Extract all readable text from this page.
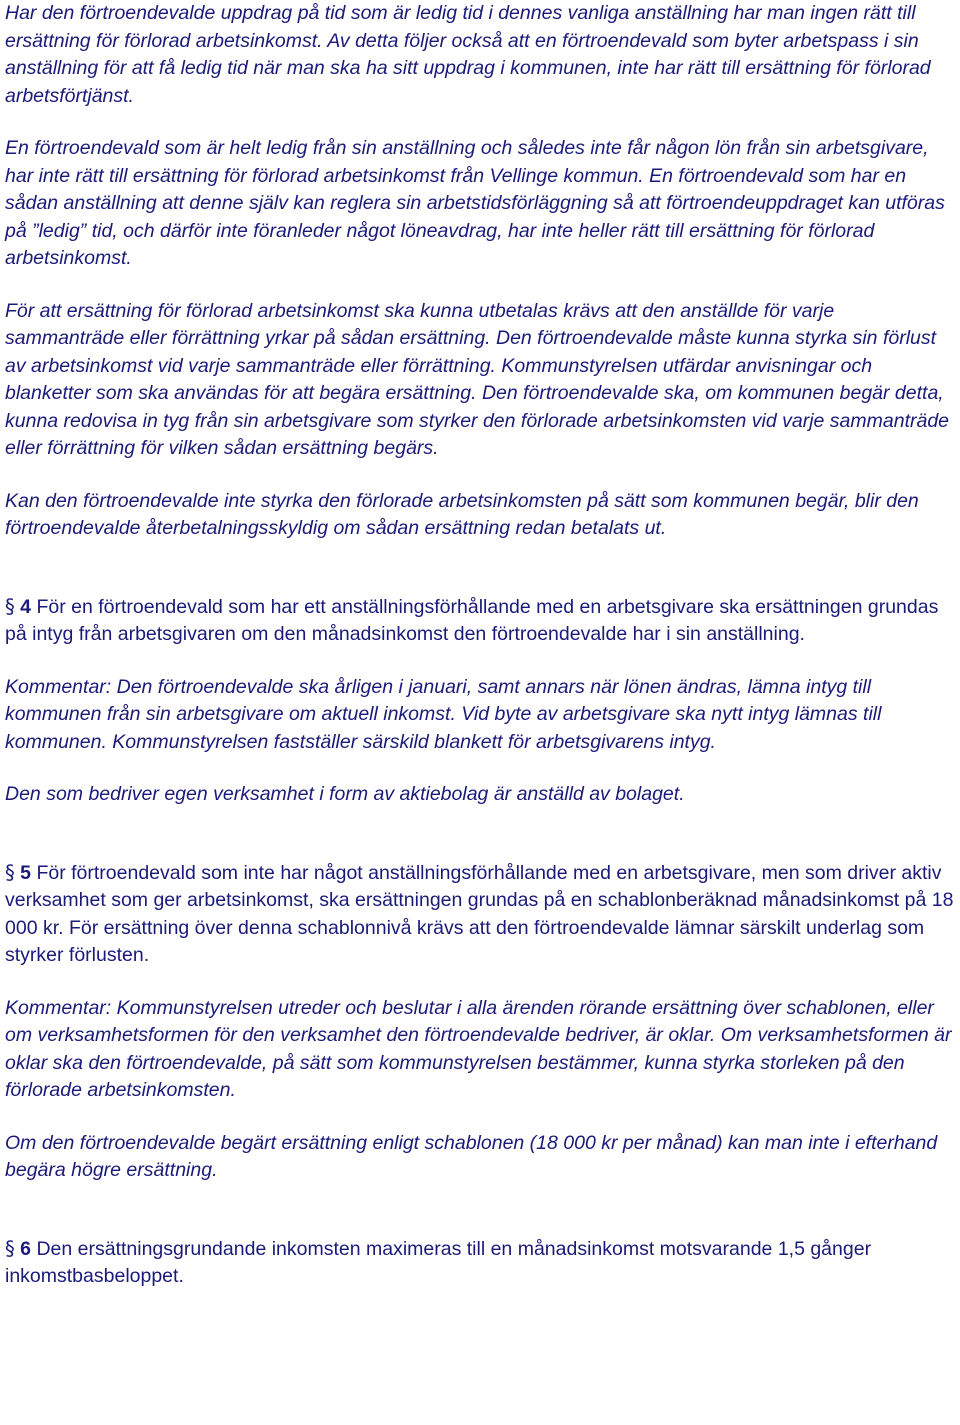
Har den förtroendevalde uppdrag på tid som är ledig tid i dennes vanliga anställning har man ingen rätt till ersättning för förlorad arbetsinkomst. Av detta följer också att en förtroendevald som byter arbetspass i sin anställning för att få ledig tid när man ska ha sitt uppdrag i kommunen, inte har rätt till ersättning för förlorad arbetsförtjänst.

En förtroendevald som är helt ledig från sin anställning och således inte får någon lön från sin arbetsgivare, har inte rätt till ersättning för förlorad arbetsinkomst från Vellinge kommun. En förtroendevald som har en sådan anställning att denne själv kan reglera sin arbetstidsförläggning så att förtroendeuppdraget kan utföras på ”ledig” tid, och därför inte föranleder något löneavdrag, har inte heller rätt till ersättning för förlorad arbetsinkomst.

För att ersättning för förlorad arbetsinkomst ska kunna utbetalas krävs att den anställde för varje sammanträde eller förrättning yrkar på sådan ersättning. Den förtroendevalde måste kunna styrka sin förlust av arbetsinkomst vid varje sammanträde eller förrättning. Kommunstyrelsen utfärdar anvisningar och blanketter som ska användas för att begära ersättning. Den förtroendevalde ska, om kommunen begär detta, kunna redovisa in tyg från sin arbetsgivare som styrker den förlorade arbetsinkomsten vid varje sammanträde eller förrättning för vilken sådan ersättning begärs.

Kan den förtroendevalde inte styrka den förlorade arbetsinkomsten på sätt som kommunen begär, blir den förtroendevalde återbetalningsskyldig om sådan ersättning redan betalats ut.

§ 4 För en förtroendevald som har ett anställningsförhållande med en arbetsgivare ska ersättningen grundas på intyg från arbetsgivaren om den månadsinkomst den förtroendevalde har i sin anställning.

Kommentar: Den förtroendevalde ska årligen i januari, samt annars när lönen ändras, lämna intyg till kommunen från sin arbetsgivare om aktuell inkomst. Vid byte av arbetsgivare ska nytt intyg lämnas till kommunen. Kommunstyrelsen fastställer särskild blankett för arbetsgivarens intyg.

Den som bedriver egen verksamhet i form av aktiebolag är anställd av bolaget.

§ 5 För förtroendevald som inte har något anställningsförhållande med en arbetsgivare, men som driver aktiv verksamhet som ger arbetsinkomst, ska ersättningen grundas på en schablonberäknad månadsinkomst på 18 000 kr. För ersättning över denna schablonnivå krävs att den förtroendevalde lämnar särskilt underlag som styrker förlusten.

Kommentar: Kommunstyrelsen utreder och beslutar i alla ärenden rörande ersättning över schablonen, eller om verksamhetsformen för den verksamhet den förtroendevalde bedriver, är oklar. Om verksamhetsformen är oklar ska den förtroendevalde, på sätt som kommunstyrelsen bestämmer, kunna styrka storleken på den förlorade arbetsinkomsten.

Om den förtroendevalde begärt ersättning enligt schablonen (18 000 kr per månad) kan man inte i efterhand begära högre ersättning.

§ 6 Den ersättningsgrundande inkomsten maximeras till en månadsinkomst motsvarande 1,5 gånger inkomstbasbeloppet.
